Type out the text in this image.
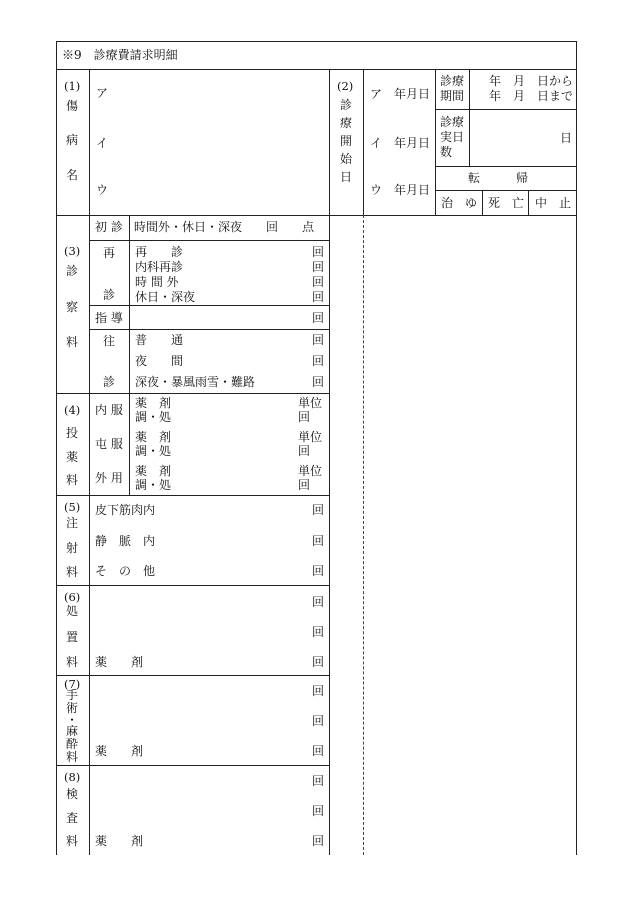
※9　診療費請求明細
(1)
傷
病
名
ア
イ
ウ
(2)
診
療
開
始
日
ア 年月日
イ 年月日
ウ 年月日
診療
期間
年　月　日から
年　月　日まで
診療
実日
数
日
転　　　帰
治　ゆ 死　亡 中　止
(3)
診
察
料
初 診 時間外・休日・深夜　　回　　点
再
診
再　　診
内科再診
時 間 外
休日・深夜
回
回
回
回
指 導	回
往
診
普　　通
夜　　間
深夜・暴風雨雪・難路
回
回
回
(4)
投
薬
料
内 服 薬　剤
調・処
単位
回
屯 服 薬　剤
調・処
単位
回
外 用 薬　剤
調・処
単位
回
(5)
注
射
料
皮下筋肉内
静　脈　内
そ　の　他
回
回
回
(6)
処
置
料 薬　　剤
回
回
回
(7)
手
術
・
麻
酔
料 薬　　剤
回
回
回
(8)
検
査
料 薬　　剤
回
回
回
